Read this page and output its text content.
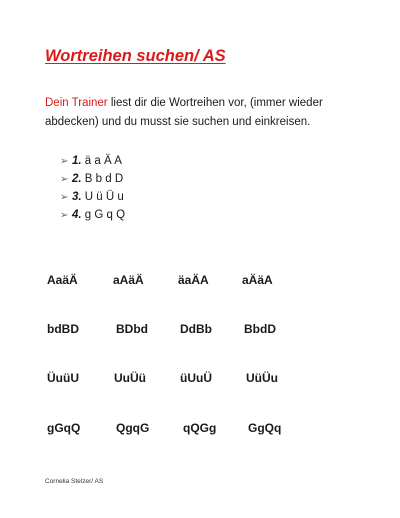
Wortreihen suchen/ AS

Dein Trainer liest dir die Wortreihen vor, (immer wieder abdecken) und du musst sie suchen und einkreisen.

➢ 1. ä a Ä A
➢ 2. B b d D
➢ 3. U ü Ü u
➢ 4. g G q Q
AaäÄ	aAäÄ	äaÄA	aÄäA
bdBD	BDbd	DdBb	BbdD
ÜuüU	UuÜü	üUuÜ	UüÜu
gGqQ	QgqG	qQGg	GgQq
Cornelia Stelzer/ AS
